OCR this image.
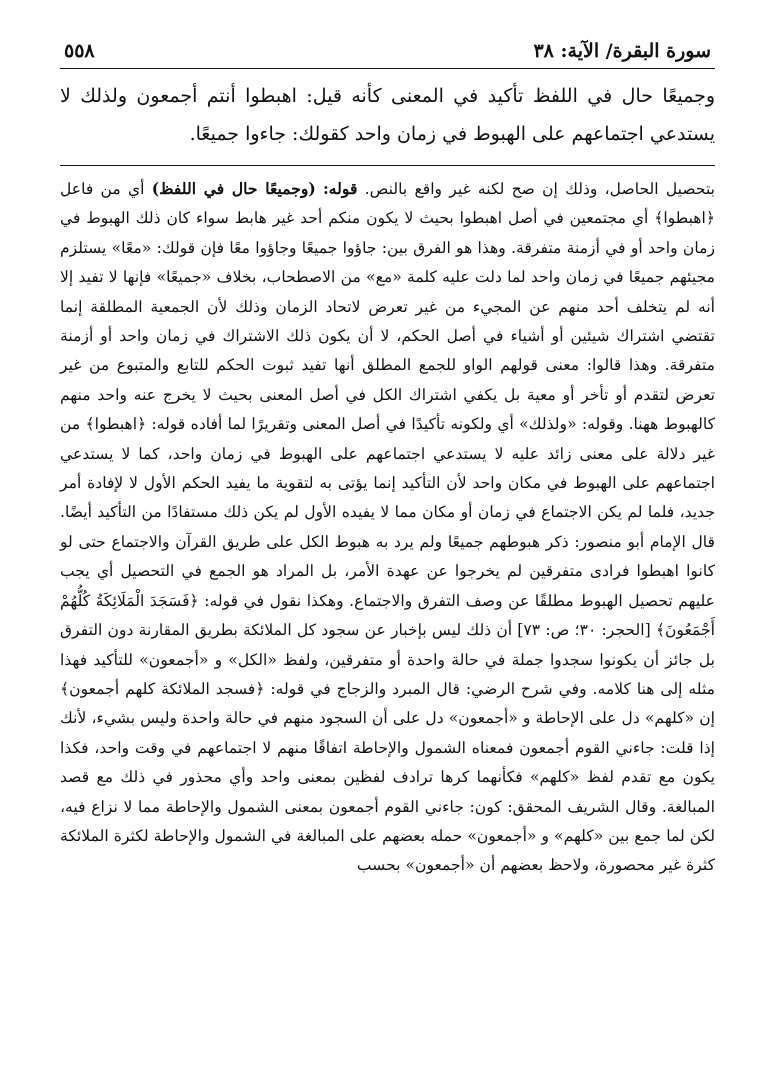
سورة البقرة/ الآية: ٣٨
٥٥٨

وجميعًا حال في اللفظ تأكيد في المعنى كأنه قيل: اهبطوا أنتم أجمعون ولذلك لا يستدعي اجتماعهم على الهبوط في زمان واحد كقولك: جاءوا جميعًا.

بتحصيل الحاصل، وذلك إن صح لكنه غير واقع بالنص. قوله: (وجميعًا حال في اللفظ) أي من فاعل ﴿اهبطوا﴾ أي مجتمعين في أصل اهبطوا بحيث لا يكون منكم أحد غير هابط سواء كان ذلك الهبوط في زمان واحد أو في أزمنة متفرقة. وهذا هو الفرق بين: جاؤوا جميعًا وجاؤوا معًا فإن قولك: «معًا» يستلزم مجيئهم جميعًا في زمان واحد لما دلت عليه كلمة «مع» من الاصطحاب، بخلاف «جميعًا» فإنها لا تفيد إلا أنه لم يتخلف أحد منهم عن المجيء من غير تعرض لاتحاد الزمان وذلك لأن الجمعية المطلقة إنما تقتضي اشتراك شيئين أو أشياء في أصل الحكم، لا أن يكون ذلك الاشتراك في زمان واحد أو أزمنة متفرقة. وهذا قالوا: معنى قولهم الواو للجمع المطلق أنها تفيد ثبوت الحكم للتابع والمتبوع من غير تعرض لتقدم أو تأخر أو معية بل يكفي اشتراك الكل في أصل المعنى بحيث لا يخرج عنه واحد منهم كالهبوط ههنا. وقوله: «ولذلك» أي ولكونه تأكيدًا في أصل المعنى وتقريرًا لما أفاده قوله: ﴿اهبطوا﴾ من غير دلالة على معنى زائد عليه لا يستدعي اجتماعهم على الهبوط في زمان واحد، كما لا يستدعي اجتماعهم على الهبوط في مكان واحد لأن التأكيد إنما يؤتى به لتقوية ما يفيد الحكم الأول لا لإفادة أمر جديد، فلما لم يكن الاجتماع في زمان أو مكان مما لا يفيده الأول لم يكن ذلك مستفادًا من التأكيد أيضًا. قال الإمام أبو منصور: ذكر هبوطهم جميعًا ولم يرد به هبوط الكل على طريق القرآن والاجتماع حتى لو كانوا اهبطوا فرادى متفرقين لم يخرجوا عن عهدة الأمر، بل المراد هو الجمع في التحصيل أي يجب عليهم تحصيل الهبوط مطلقًا عن وصف التفرق والاجتماع. وهكذا نقول في قوله: ﴿فَسَجَدَ الْمَلَائِكَةُ كُلُّهُمْ أَجْمَعُونَ﴾ [الحجر: ٣٠؛ ص: ٧٣] أن ذلك ليس بإخبار عن سجود كل الملائكة بطريق المقارنة دون التفرق بل جائز أن يكونوا سجدوا جملة في حالة واحدة أو متفرقين، ولفظ «الكل» و «أجمعون» للتأكيد فهذا مثله إلى هنا كلامه. وفي شرح الرضي: قال المبرد والزجاج في قوله: ﴿فسجد الملائكة كلهم أجمعون﴾ إن «كلهم» دل على الإحاطة و «أجمعون» دل على أن السجود منهم في حالة واحدة وليس بشيء، لأنك إذا قلت: جاءني القوم أجمعون فمعناه الشمول والإحاطة اتفاقًا منهم لا اجتماعهم في وقت واحد، فكذا يكون مع تقدم لفظ «كلهم» فكأنهما كرها ترادف لفظين بمعنى واحد وأي محذور في ذلك مع قصد المبالغة. وقال الشريف المحقق: كون: جاءني القوم أجمعون بمعنى الشمول والإحاطة مما لا نزاع فيه، لكن لما جمع بين «كلهم» و «أجمعون» حمله بعضهم على المبالغة في الشمول والإحاطة لكثرة الملائكة كثرة غير محصورة، ولاحظ بعضهم أن «أجمعون» بحسب
